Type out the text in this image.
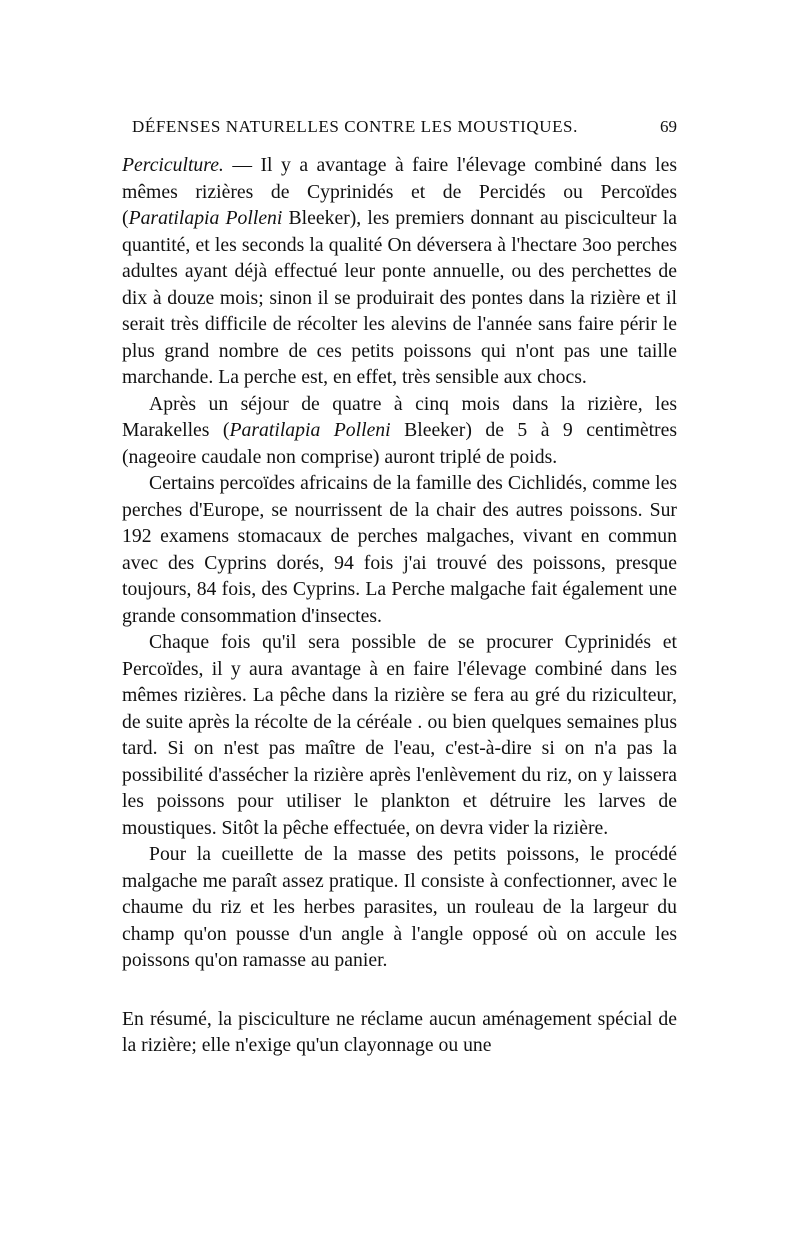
DÉFENSES NATURELLES CONTRE LES MOUSTIQUES.	69

Perciculture. — Il y a avantage à faire l'élevage combiné dans les mêmes rizières de Cyprinidés et de Percidés ou Percoïdes (Paratilapia Polleni Bleeker), les premiers donnant au pisciculteur la quantité, et les seconds la qualité On déversera à l'hectare 3oo perches adultes ayant déjà effectué leur ponte annuelle, ou des perchettes de dix à douze mois; sinon il se produirait des pontes dans la rizière et il serait très difficile de récolter les alevins de l'année sans faire périr le plus grand nombre de ces petits poissons qui n'ont pas une taille marchande. La perche est, en effet, très sensible aux chocs.

Après un séjour de quatre à cinq mois dans la rizière, les Marakelles (Paratilapia Polleni Bleeker) de 5 à 9 centimètres (nageoire caudale non comprise) auront triplé de poids.

Certains percoïdes africains de la famille des Cichlidés, comme les perches d'Europe, se nourrissent de la chair des autres poissons. Sur 192 examens stomacaux de perches malgaches, vivant en commun avec des Cyprins dorés, 94 fois j'ai trouvé des poissons, presque toujours, 84 fois, des Cyprins. La Perche malgache fait également une grande consommation d'insectes.

Chaque fois qu'il sera possible de se procurer Cyprinidés et Percoïdes, il y aura avantage à en faire l'élevage combiné dans les mêmes rizières. La pêche dans la rizière se fera au gré du riziculteur, de suite après la récolte de la céréale . ou bien quelques semaines plus tard. Si on n'est pas maître de l'eau, c'est-à-dire si on n'a pas la possibilité d'assécher la rizière après l'enlèvement du riz, on y laissera les poissons pour utiliser le plankton et détruire les larves de moustiques. Sitôt la pêche effectuée, on devra vider la rizière.

Pour la cueillette de la masse des petits poissons, le procédé malgache me paraît assez pratique. Il consiste à confectionner, avec le chaume du riz et les herbes parasites, un rouleau de la largeur du champ qu'on pousse d'un angle à l'angle opposé où on accule les poissons qu'on ramasse au panier.

En résumé, la pisciculture ne réclame aucun aménagement spécial de la rizière; elle n'exige qu'un clayonnage ou une
